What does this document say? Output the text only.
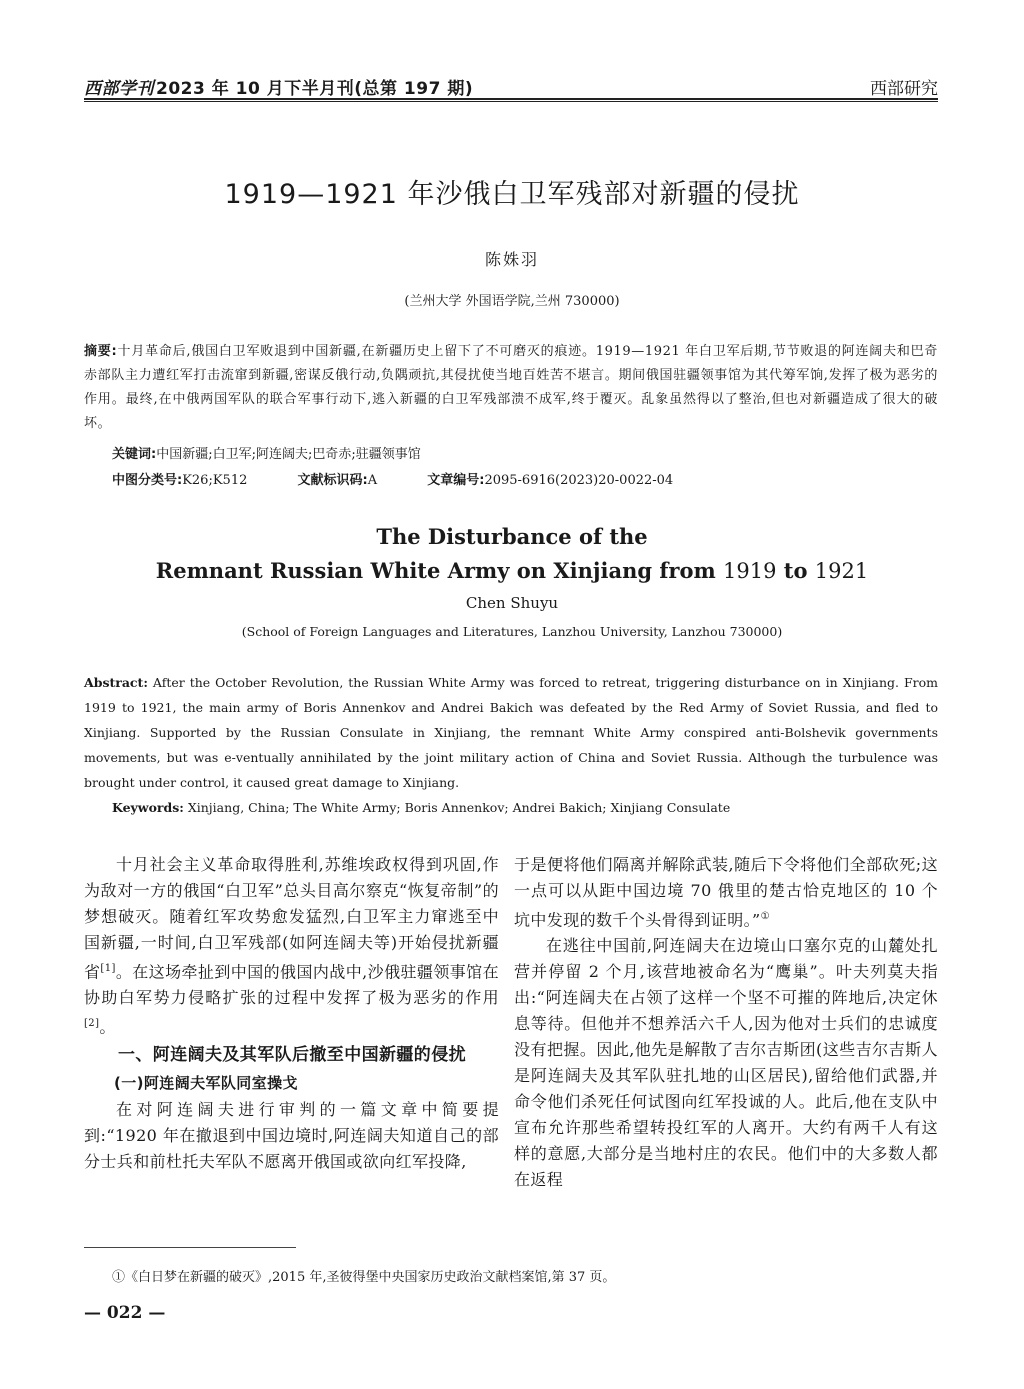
西部学刊 2023 年 10 月下半月刊(总第 197 期)	西部研究
1919—1921 年沙俄白卫军残部对新疆的侵扰
陈姝羽
(兰州大学 外国语学院,兰州 730000)
摘要:十月革命后,俄国白卫军败退到中国新疆,在新疆历史上留下了不可磨灭的痕迹。1919—1921 年白卫军后期,节节败退的阿连阔夫和巴奇赤部队主力遭红军打击流窜到新疆,密谋反俄行动,负隅顽抗,其侵扰使当地百姓苦不堪言。期间俄国驻疆领事馆为其代筹军饷,发挥了极为恶劣的作用。最终,在中俄两国军队的联合军事行动下,逃入新疆的白卫军残部溃不成军,终于覆灭。乱象虽然得以了整治,但也对新疆造成了很大的破坏。
关键词:中国新疆;白卫军;阿连阔夫;巴奇赤;驻疆领事馆
中图分类号:K26;K512	文献标识码:A	文章编号:2095-6916(2023)20-0022-04
The Disturbance of the
Remnant Russian White Army on Xinjiang from 1919 to 1921
Chen Shuyu
(School of Foreign Languages and Literatures, Lanzhou University, Lanzhou 730000)
Abstract: After the October Revolution, the Russian White Army was forced to retreat, triggering disturbance on in Xinjiang. From 1919 to 1921, the main army of Boris Annenkov and Andrei Bakich was defeated by the Red Army of Soviet Russia, and fled to Xinjiang. Supported by the Russian Consulate in Xinjiang, the remnant White Army conspired anti-Bolshevik governments movements, but was e-ventually annihilated by the joint military action of China and Soviet Russia. Although the turbulence was brought under control, it caused great damage to Xinjiang.
Keywords: Xinjiang, China; The White Army; Boris Annenkov; Andrei Bakich; Xinjiang Consulate

十月社会主义革命取得胜利,苏维埃政权得到巩固,作为敌对一方的俄国“白卫军”总头目高尔察克“恢复帝制”的梦想破灭。随着红军攻势愈发猛烈,白卫军主力窜逃至中国新疆,一时间,白卫军残部(如阿连阔夫等)开始侵扰新疆省[1]。在这场牵扯到中国的俄国内战中,沙俄驻疆领事馆在协助白军势力侵略扩张的过程中发挥了极为恶劣的作用[2]。

一、阿连阔夫及其军队后撤至中国新疆的侵扰

(一)阿连阔夫军队同室操戈

在对阿连阔夫进行审判的一篇文章中简要提到:“1920 年在撤退到中国边境时,阿连阔夫知道自己的部分士兵和前杜托夫军队不愿离开俄国或欲向红军投降,

于是便将他们隔离并解除武装,随后下令将他们全部砍死;这一点可以从距中国边境 70 俄里的楚古恰克地区的 10 个坑中发现的数千个头骨得到证明。”①

在逃往中国前,阿连阔夫在边境山口塞尔克的山麓处扎营并停留 2 个月,该营地被命名为“鹰巢”。叶夫列莫夫指出:“阿连阔夫在占领了这样一个坚不可摧的阵地后,决定休息等待。但他并不想养活六千人,因为他对士兵们的忠诚度没有把握。因此,他先是解散了吉尔吉斯团(这些吉尔吉斯人是阿连阔夫及其军队驻扎地的山区居民),留给他们武器,并命令他们杀死任何试图向红军投诚的人。此后,他在支队中宣布允许那些希望转投红军的人离开。大约有两千人有这样的意愿,大部分是当地村庄的农民。他们中的大多数人都在返程

①《白日梦在新疆的破灭》,2015 年,圣彼得堡中央国家历史政治文献档案馆,第 37 页。
— 022 —
